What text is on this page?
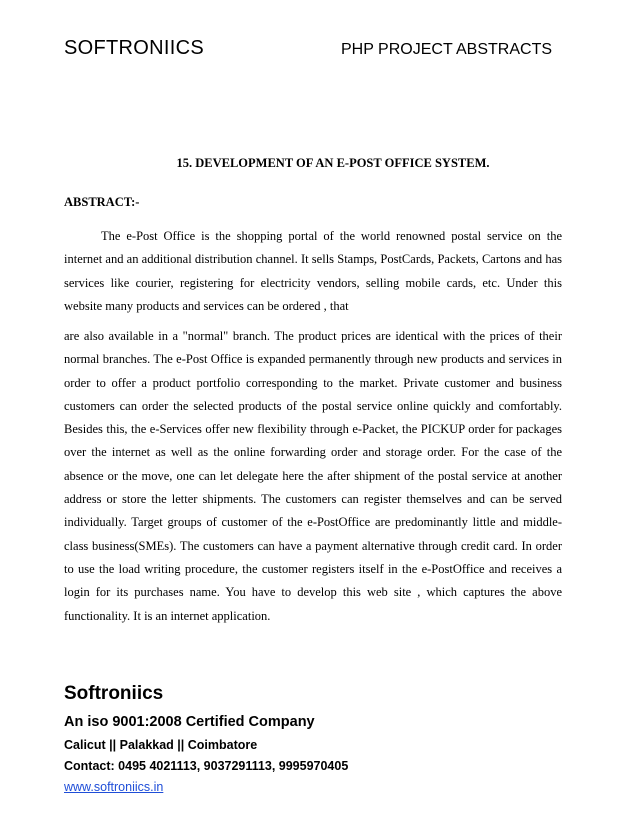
SOFTRONIICS	PHP PROJECT ABSTRACTS
15. DEVELOPMENT OF AN E-POST OFFICE SYSTEM.
ABSTRACT:-

The e-Post Office is the shopping portal of the world renowned postal service on the internet and an additional distribution channel. It sells Stamps, PostCards, Packets, Cartons and has services like courier, registering for electricity vendors, selling mobile cards, etc. Under this website many products and services can be ordered , that

are also available in a "normal" branch. The product prices are identical with the prices of their normal branches. The e-Post Office is expanded permanently through new products and services in order to offer a product portfolio corresponding to the market. Private customer and business customers can order the selected products of the postal service online quickly and comfortably. Besides this, the e-Services offer new flexibility through e-Packet, the PICKUP order for packages over the internet as well as the online forwarding order and storage order. For the case of the absence or the move, one can let delegate here the after shipment of the postal service at another address or store the letter shipments. The customers can register themselves and can be served individually. Target groups of customer of the e-PostOffice are predominantly little and middle-class business(SMEs). The customers can have a payment alternative through credit card. In order to use the load writing procedure, the customer registers itself in the e-PostOffice and receives a login for its purchases name. You have to develop this web site , which captures the above functionality. It is an internet application.

Softroniics
An iso 9001:2008 Certified Company
Calicut || Palakkad || Coimbatore
Contact: 0495 4021113, 9037291113, 9995970405
www.softroniics.in
